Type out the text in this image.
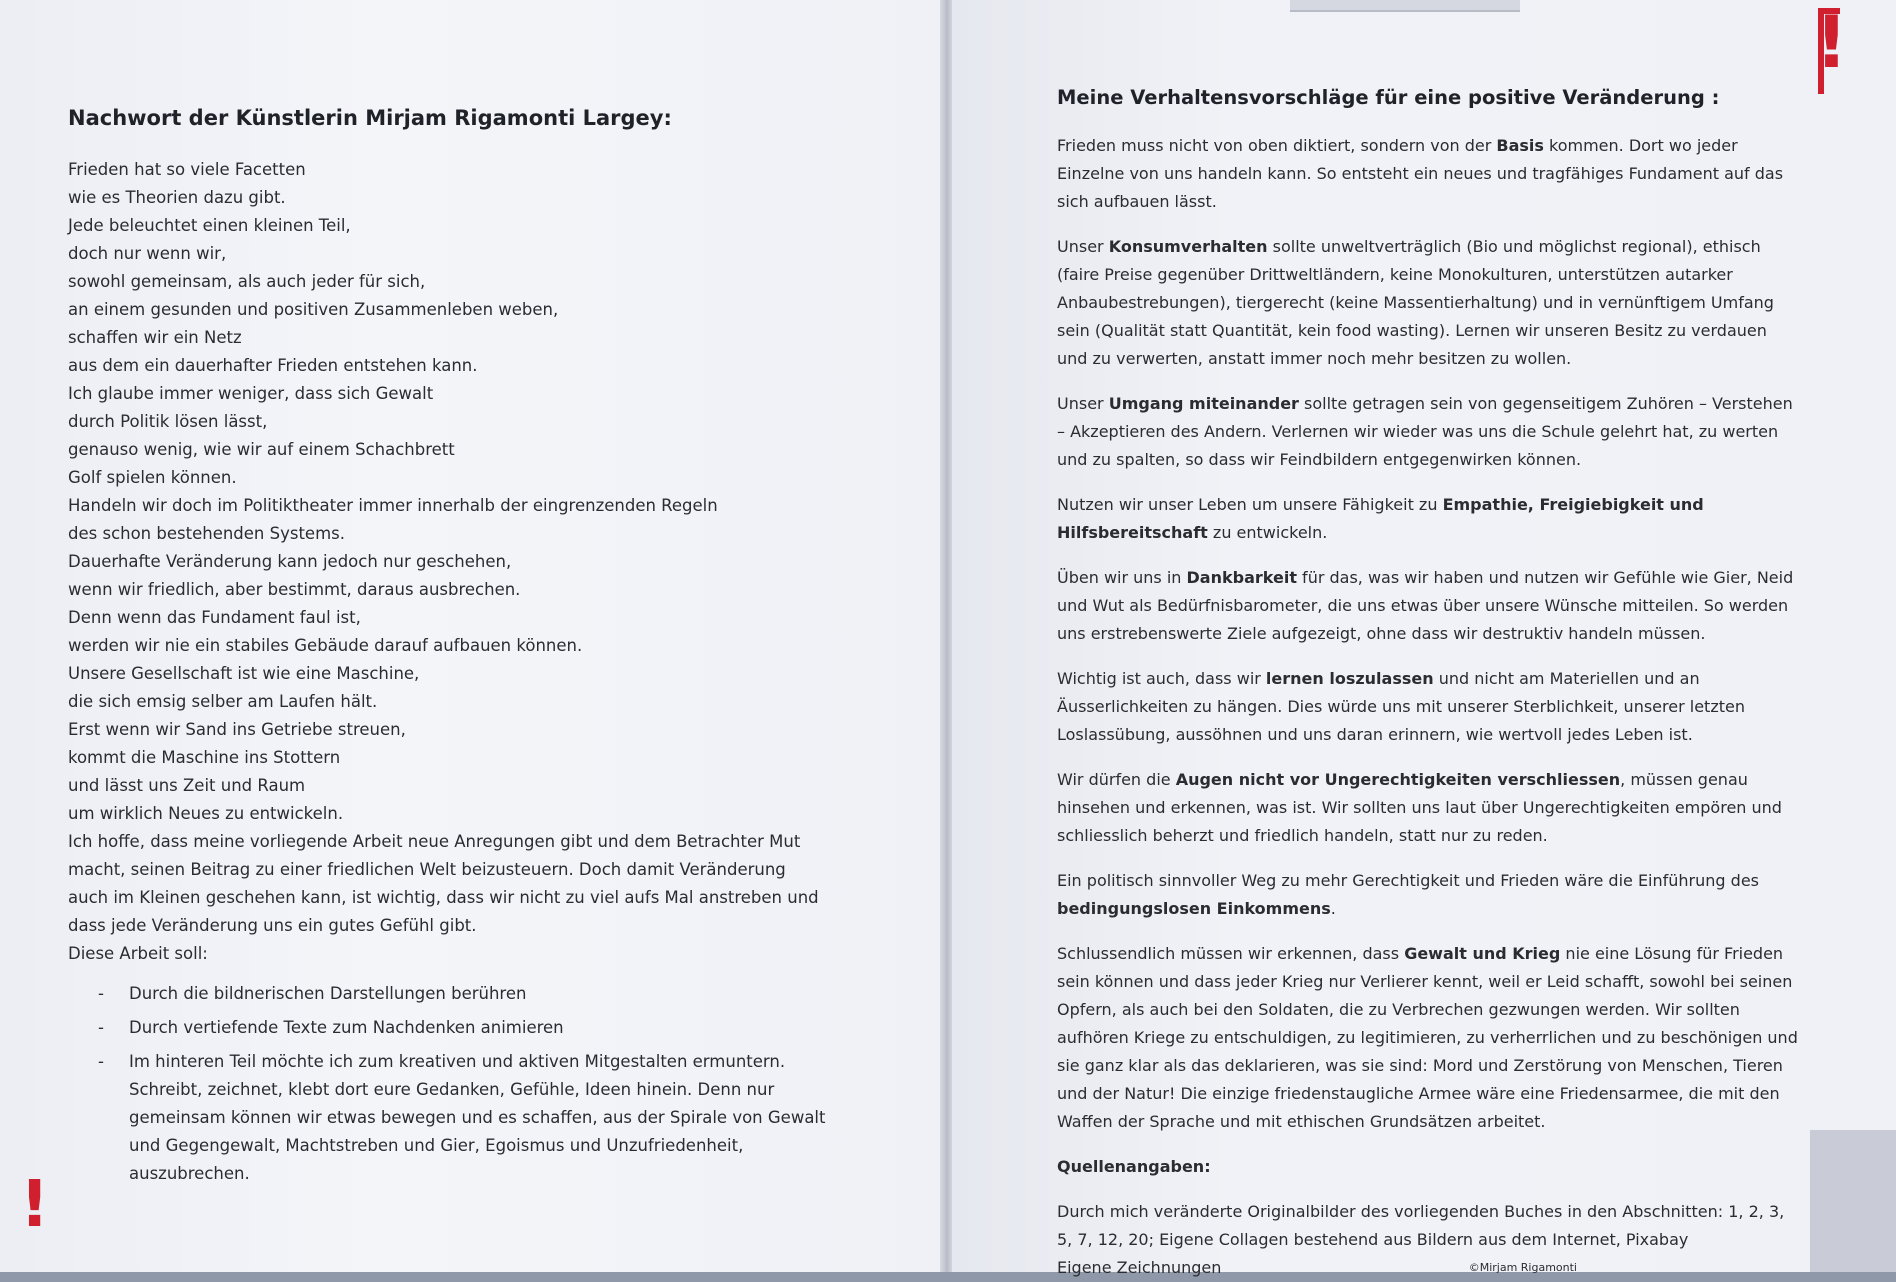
Nachwort der Künstlerin Mirjam Rigamonti Largey:

Frieden hat so viele Facetten
wie es Theorien dazu gibt.
Jede beleuchtet einen kleinen Teil,
doch nur wenn wir,
sowohl gemeinsam, als auch jeder für sich,
an einem gesunden und positiven Zusammenleben weben,
schaffen wir ein Netz
aus dem ein dauerhafter Frieden entstehen kann.

Ich glaube immer weniger, dass sich Gewalt
durch Politik lösen lässt,
genauso wenig, wie wir auf einem Schachbrett
Golf spielen können.
Handeln wir doch im Politiktheater immer innerhalb der eingrenzenden Regeln
des schon bestehenden Systems.
Dauerhafte Veränderung kann jedoch nur geschehen,
wenn wir friedlich, aber bestimmt, daraus ausbrechen.
Denn wenn das Fundament faul ist,
werden wir nie ein stabiles Gebäude darauf aufbauen können.

Unsere Gesellschaft ist wie eine Maschine,
die sich emsig selber am Laufen hält.
Erst wenn wir Sand ins Getriebe streuen,
kommt die Maschine ins Stottern
und lässt uns Zeit und Raum
um wirklich Neues zu entwickeln.

Ich hoffe, dass meine vorliegende Arbeit neue Anregungen gibt und dem Betrachter Mut macht, seinen Beitrag zu einer friedlichen Welt beizusteuern. Doch damit Veränderung auch im Kleinen geschehen kann, ist wichtig, dass wir nicht zu viel aufs Mal anstreben und dass jede Veränderung uns ein gutes Gefühl gibt.

Diese Arbeit soll:

- Durch die bildnerischen Darstellungen berühren
- Durch vertiefende Texte zum Nachdenken animieren
- Im hinteren Teil möchte ich zum kreativen und aktiven Mitgestalten ermuntern. Schreibt, zeichnet, klebt dort eure Gedanken, Gefühle, Ideen hinein. Denn nur gemeinsam können wir etwas bewegen und es schaffen, aus der Spirale von Gewalt und Gegengewalt, Machtstreben und Gier, Egoismus und Unzufriedenheit, auszubrechen.
!
Meine Verhaltensvorschläge für eine positive Veränderung :

Frieden muss nicht von oben diktiert, sondern von der Basis kommen. Dort wo jeder Einzelne von uns handeln kann. So entsteht ein neues und tragfähiges Fundament auf das sich aufbauen lässt.

Unser Konsumverhalten sollte unweltverträglich (Bio und möglichst regional), ethisch (faire Preise gegenüber Drittweltländern, keine Monokulturen, unterstützen autarker Anbaubestrebungen), tiergerecht (keine Massentierhaltung) und in vernünftigem Umfang sein (Qualität statt Quantität, kein food wasting). Lernen wir unseren Besitz zu verdauen und zu verwerten, anstatt immer noch mehr besitzen zu wollen.

Unser Umgang miteinander sollte getragen sein von gegenseitigem Zuhören – Verstehen – Akzeptieren des Andern. Verlernen wir wieder was uns die Schule gelehrt hat, zu werten und zu spalten, so dass wir Feindbildern entgegenwirken können.

Nutzen wir unser Leben um unsere Fähigkeit zu Empathie, Freigiebigkeit und Hilfsbereitschaft zu entwickeln.

Üben wir uns in Dankbarkeit für das, was wir haben und nutzen wir Gefühle wie Gier, Neid und Wut als Bedürfnisbarometer, die uns etwas über unsere Wünsche mitteilen. So werden uns erstrebenswerte Ziele aufgezeigt, ohne dass wir destruktiv handeln müssen.

Wichtig ist auch, dass wir lernen loszulassen und nicht am Materiellen und an Äusserlichkeiten zu hängen. Dies würde uns mit unserer Sterblichkeit, unserer letzten Loslassübung, aussöhnen und uns daran erinnern, wie wertvoll jedes Leben ist.

Wir dürfen die Augen nicht vor Ungerechtigkeiten verschliessen, müssen genau hinsehen und erkennen, was ist. Wir sollten uns laut über Ungerechtigkeiten empören und schliesslich beherzt und friedlich handeln, statt nur zu reden.

Ein politisch sinnvoller Weg zu mehr Gerechtigkeit und Frieden wäre die Einführung des bedingungslosen Einkommens.

Schlussendlich müssen wir erkennen, dass Gewalt und Krieg nie eine Lösung für Frieden sein können und dass jeder Krieg nur Verlierer kennt, weil er Leid schafft, sowohl bei seinen Opfern, als auch bei den Soldaten, die zu Verbrechen gezwungen werden. Wir sollten aufhören Kriege zu entschuldigen, zu legitimieren, zu verherrlichen und zu beschönigen und sie ganz klar als das deklarieren, was sie sind: Mord und Zerstörung von Menschen, Tieren und der Natur! Die einzige friedenstaugliche Armee wäre eine Friedensarmee, die mit den Waffen der Sprache und mit ethischen Grundsätzen arbeitet.

Quellenangaben:

Durch mich veränderte Originalbilder des vorliegenden Buches in den Abschnitten: 1, 2, 3, 5, 7, 12, 20; Eigene Collagen bestehend aus Bildern aus dem Internet, Pixabay

Eigene Zeichnungen	©Mirjam Rigamonti
!
